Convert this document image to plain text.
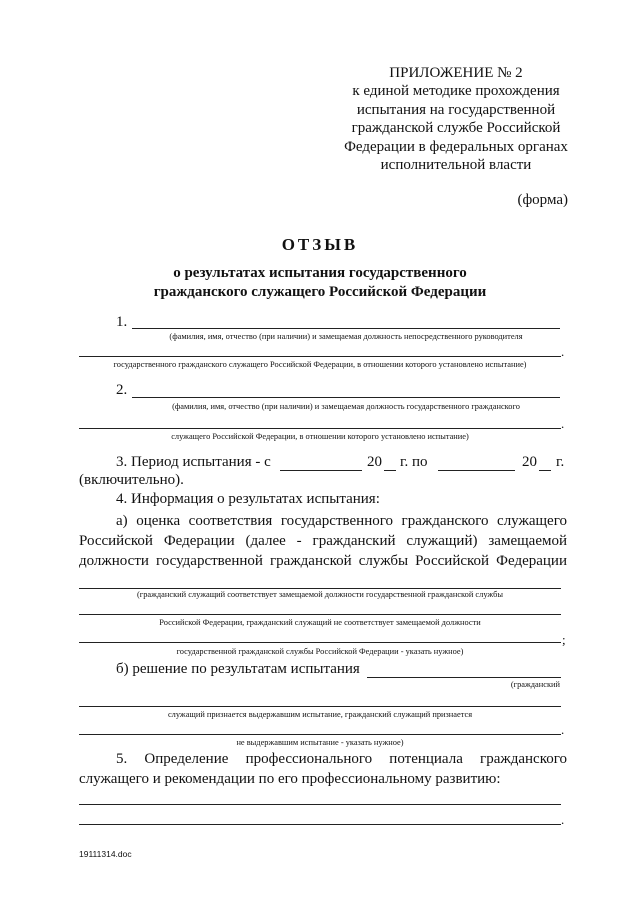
ПРИЛОЖЕНИЕ № 2
к единой методике прохождения
испытания на государственной
гражданской службе Российской
Федерации в федеральных органах
исполнительной власти
(форма)
ОТЗЫВ
о результатах испытания государственного
гражданского служащего Российской Федерации
1.
(фамилия, имя, отчество (при наличии) и замещаемая должность непосредственного руководителя
.
государственного гражданского служащего Российской Федерации, в отношении которого установлено испытание)
2.
(фамилия, имя, отчество (при наличии) и замещаемая должность государственного гражданского
.
служащего Российской Федерации, в отношении которого установлено испытание)
3. Период испытания - с	20 г. по	20 г.
(включительно).
4. Информация о результатах испытания:
а) оценка соответствия государственного гражданского служащего
Российской Федерации (далее - гражданский служащий) замещаемой
должности государственной гражданской службы Российской Федерации
(гражданский служащий соответствует замещаемой должности государственной гражданской службы
Российской Федерации, гражданский служащий не соответствует замещаемой должности
;
государственной гражданской службы Российской Федерации - указать нужное)
б) решение по результатам испытания
(гражданский
служащий признается выдержавшим испытание, гражданский служащий признается
.
не выдержавшим испытание - указать нужное)
5. Определение профессионального потенциала гражданского
служащего и рекомендации по его профессиональному развитию:
.
19111314.doc
